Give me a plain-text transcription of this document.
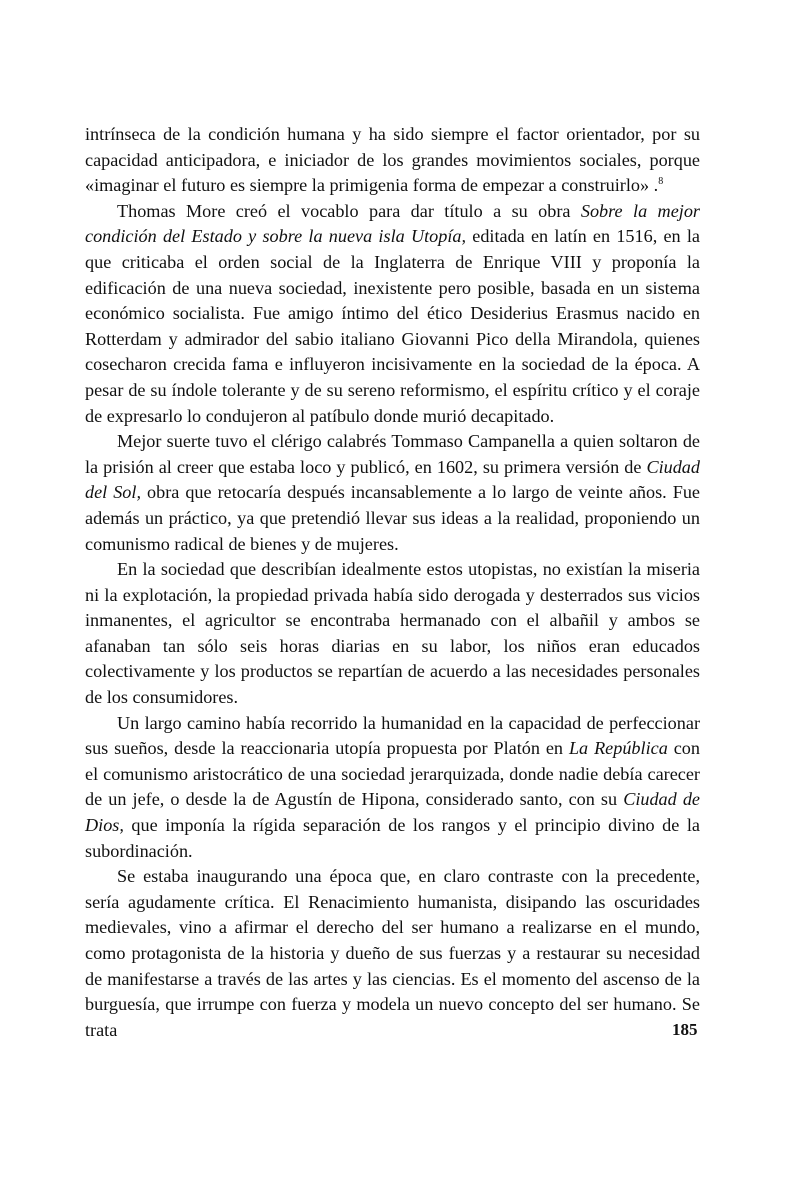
intrínseca de la condición humana y ha sido siempre el factor orientador, por su capacidad anticipadora, e iniciador de los grandes movimientos sociales, porque «imaginar el futuro es siempre la primigenia forma de empezar a construirlo» .$^8$

Thomas More creó el vocablo para dar título a su obra Sobre la mejor condición del Estado y sobre la nueva isla Utopía, editada en latín en 1516, en la que criticaba el orden social de la Inglaterra de Enrique VIII y proponía la edificación de una nueva sociedad, inexistente pero posible, basada en un sistema económico socialista. Fue amigo íntimo del ético Desiderius Erasmus nacido en Rotterdam y admirador del sabio italiano Giovanni Pico della Mirandola, quienes cosecharon crecida fama e influyeron incisivamente en la sociedad de la época. A pesar de su índole tolerante y de su sereno reformismo, el espíritu crítico y el coraje de expresarlo lo condujeron al patíbulo donde murió decapitado.

Mejor suerte tuvo el clérigo calabrés Tommaso Campanella a quien soltaron de la prisión al creer que estaba loco y publicó, en 1602, su primera versión de Ciudad del Sol, obra que retocaría después incansablemente a lo largo de veinte años. Fue además un práctico, ya que pretendió llevar sus ideas a la realidad, proponiendo un comunismo radical de bienes y de mujeres.

En la sociedad que describían idealmente estos utopistas, no existían la miseria ni la explotación, la propiedad privada había sido derogada y desterrados sus vicios inmanentes, el agricultor se encontraba hermanado con el albañil y ambos se afanaban tan sólo seis horas diarias en su labor, los niños eran educados colectivamente y los productos se repartían de acuerdo a las necesidades personales de los consumidores.

Un largo camino había recorrido la humanidad en la capacidad de perfeccionar sus sueños, desde la reaccionaria utopía propuesta por Platón en La República con el comunismo aristocrático de una sociedad jerarquizada, donde nadie debía carecer de un jefe, o desde la de Agustín de Hipona, considerado santo, con su Ciudad de Dios, que imponía la rígida separación de los rangos y el principio divino de la subordinación.

Se estaba inaugurando una época que, en claro contraste con la precedente, sería agudamente crítica. El Renacimiento humanista, disipando las oscuridades medievales, vino a afirmar el derecho del ser humano a realizarse en el mundo, como protagonista de la historia y dueño de sus fuerzas y a restaurar su necesidad de manifestarse a través de las artes y las ciencias. Es el momento del ascenso de la burguesía, que irrumpe con fuerza y modela un nuevo concepto del ser humano. Se trata	185
